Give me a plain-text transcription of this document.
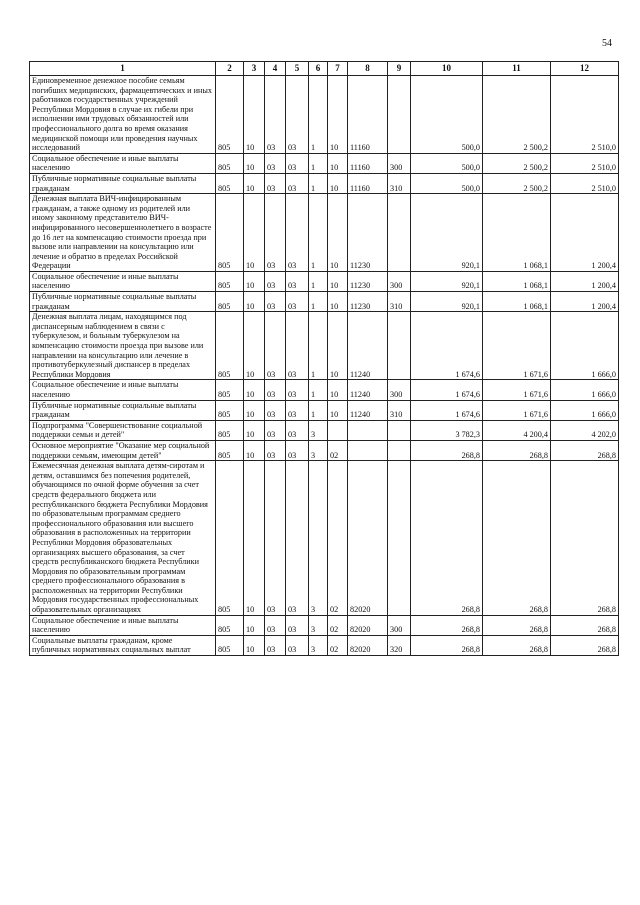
54
1	2	3	4	5	6	7	8	9	10	11	12
Единовременное денежное пособие семьям погибших медицинских, фармацевтических и иных работников государственных учреждений Республики Мордовия в случае их гибели при исполнении ими трудовых обязанностей или профессионального долга во время оказания медицинской помощи или проведения научных исследований	805	10	03	03	1	10	11160		500,0	2 500,2	2 510,0
Социальное обеспечение и иные выплаты населению	805	10	03	03	1	10	11160	300	500,0	2 500,2	2 510,0
Публичные нормативные социальные выплаты гражданам	805	10	03	03	1	10	11160	310	500,0	2 500,2	2 510,0
Денежная выплата ВИЧ-инфицированным гражданам, а также одному из родителей или иному законному представителю ВИЧ-инфицированного несовершеннолетнего в возрасте до 16 лет на компенсацию стоимости проезда при вызове или направлении на консультацию или лечение и обратно в пределах Российской Федерации	805	10	03	03	1	10	11230		920,1	1 068,1	1 200,4
Социальное обеспечение и иные выплаты населению	805	10	03	03	1	10	11230	300	920,1	1 068,1	1 200,4
Публичные нормативные социальные выплаты гражданам	805	10	03	03	1	10	11230	310	920,1	1 068,1	1 200,4
Денежная выплата лицам, находящимся под диспансерным наблюдением в связи с туберкулезом, и больным туберкулезом на компенсацию стоимости проезда при вызове или направлении на консультацию или лечение в противотуберкулезный диспансер в пределах Республики Мордовия	805	10	03	03	1	10	11240		1 674,6	1 671,6	1 666,0
Социальное обеспечение и иные выплаты населению	805	10	03	03	1	10	11240	300	1 674,6	1 671,6	1 666,0
Публичные нормативные социальные выплаты гражданам	805	10	03	03	1	10	11240	310	1 674,6	1 671,6	1 666,0
Подпрограмма "Совершенствование социальной поддержки семьи и детей"	805	10	03	03	3				3 782,3	4 200,4	4 202,0
Основное мероприятие "Оказание мер социальной поддержки семьям, имеющим детей"	805	10	03	03	3	02			268,8	268,8	268,8
Ежемесячная денежная выплата детям-сиротам и детям, оставшимся без попечения родителей, обучающимся по очной форме обучения за счет средств федерального бюджета или республиканского бюджета Республики Мордовия по образовательным программам среднего профессионального образования или высшего образования в расположенных на территории Республики Мордовия образовательных организациях высшего образования, за счет средств республиканского бюджета Республики Мордовия по образовательным программам среднего профессионального образования в расположенных на территории Республики Мордовия государственных профессиональных образовательных организациях	805	10	03	03	3	02	82020		268,8	268,8	268,8
Социальное обеспечение и иные выплаты населению	805	10	03	03	3	02	82020	300	268,8	268,8	268,8
Социальные выплаты гражданам, кроме публичных нормативных социальных выплат	805	10	03	03	3	02	82020	320	268,8	268,8	268,8
